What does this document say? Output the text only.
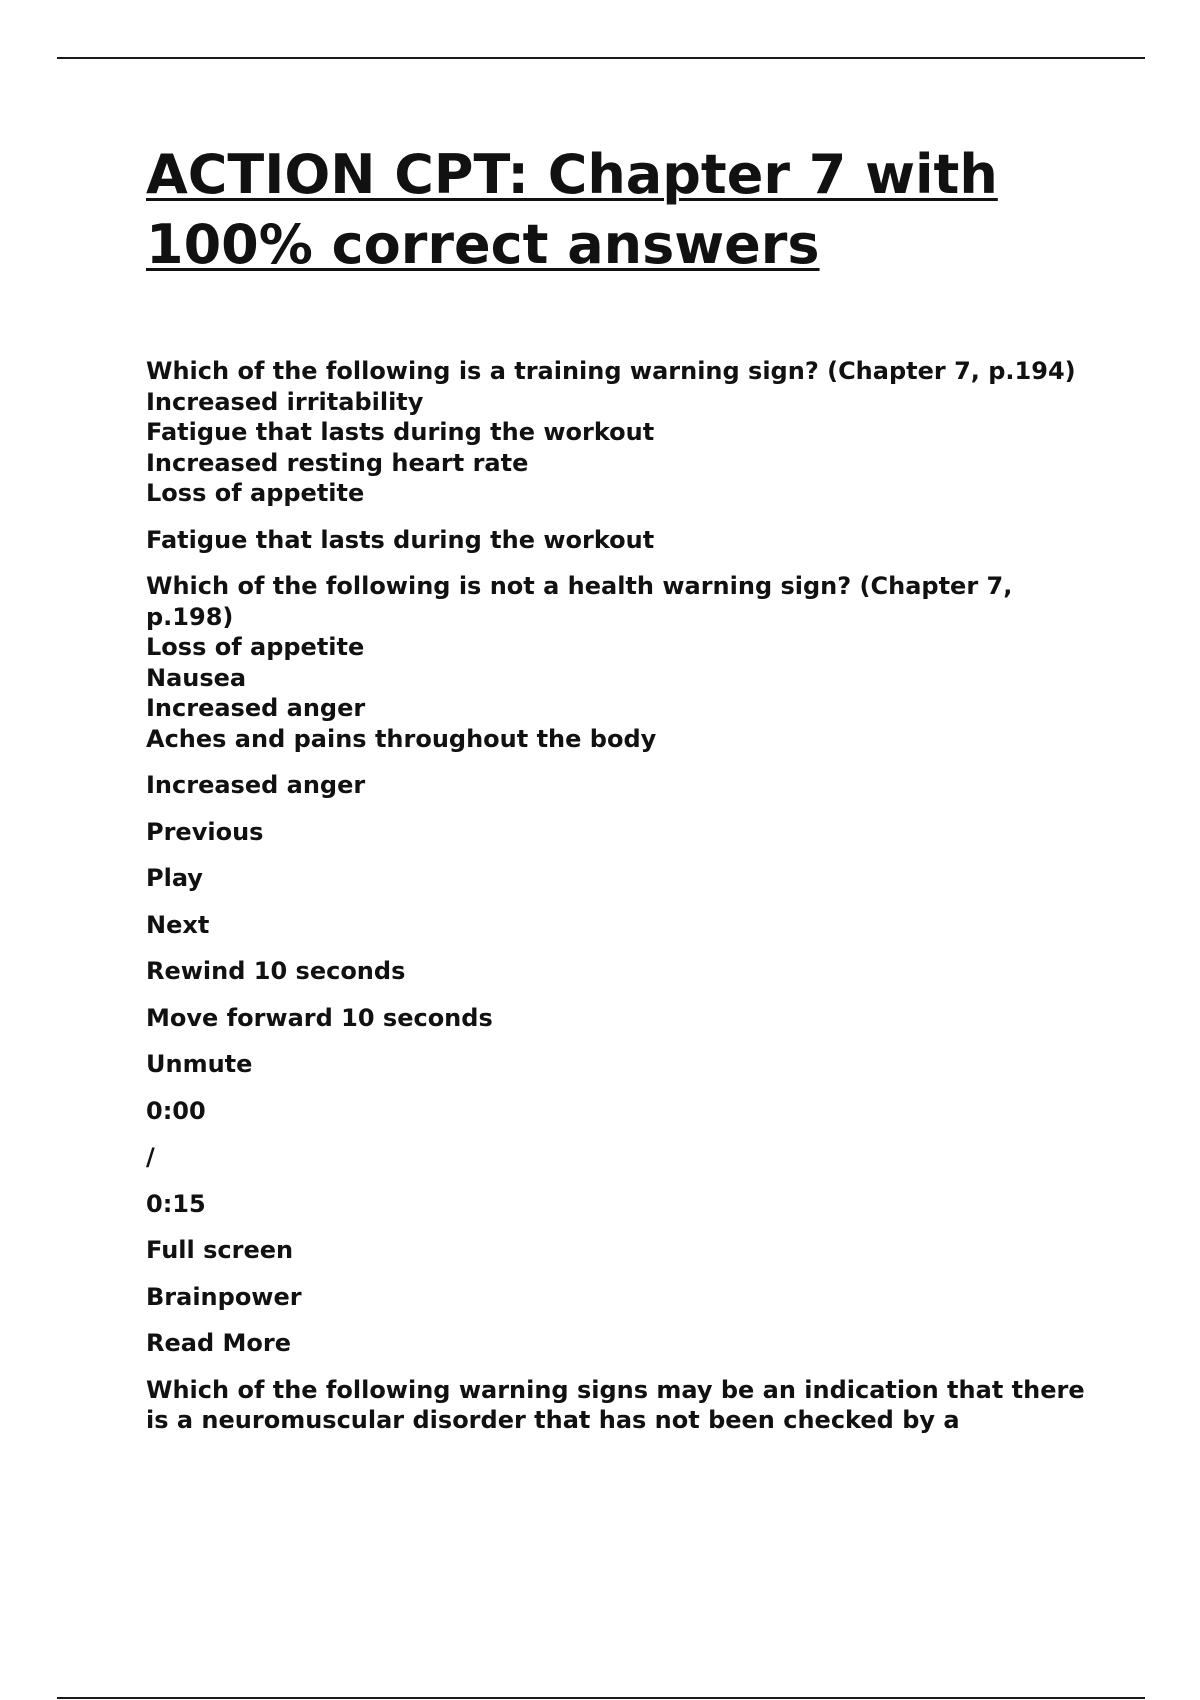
ACTION CPT: Chapter 7 with 100% correct answers
Which of the following is a training warning sign? (Chapter 7, p.194)
Increased irritability
Fatigue that lasts during the workout
Increased resting heart rate
Loss of appetite
Fatigue that lasts during the workout
Which of the following is not a health warning sign? (Chapter 7, p.198)
Loss of appetite
Nausea
Increased anger
Aches and pains throughout the body
Increased anger
Previous
Play
Next
Rewind 10 seconds
Move forward 10 seconds
Unmute
0:00
/
0:15
Full screen
Brainpower
Read More
Which of the following warning signs may be an indication that there is a neuromuscular disorder that has not been checked by a
